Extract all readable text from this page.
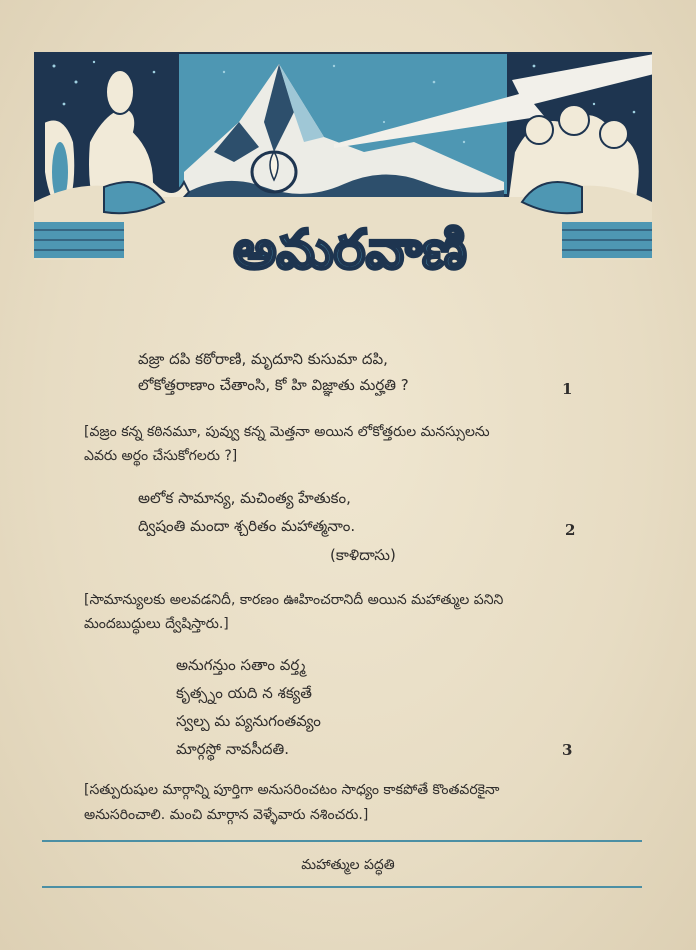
అమరవాణి
వజ్రా దపి కఠోరాణి, మృదూని కుసుమా దపి,
లోకోత్తరాణాం చేతాంసి, కో హి విజ్ఞాతు మర్హతి ?	1
[వజ్రం కన్న కఠినమూ, పువ్వు కన్న మెత్తనా అయిన లోకోత్తరుల మనస్సులను
ఎవరు అర్థం చేసుకోగలరు ?]
అలోక సామాన్య, మచింత్య హేతుకం,
ద్విషంతి మందా శ్చరితం మహాత్మనాం.	2
(కాళిదాసు)
[సామాన్యులకు అలవడనిదీ, కారణం ఊహించరానిదీ అయిన మహాత్ముల పనిని
మందబుద్ధులు ద్వేషిస్తారు.]
అనుగన్తుం సతాం వర్త్మ
కృత్స్నం యది న శక్యతే
స్వల్ప మ ప్యనుగంతవ్యం
మార్గస్థో నావసీదతి.	3
[సత్పురుషుల మార్గాన్ని పూర్తిగా అనుసరించటం సాధ్యం కాకపోతే కొంతవరకైనా
అనుసరించాలి. మంచి మార్గాన వెళ్ళేవారు నశించరు.]
మహాత్ముల పద్ధతి
